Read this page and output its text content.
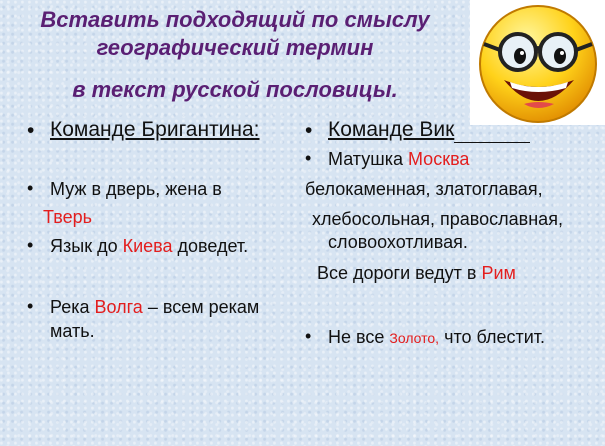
Вставить подходящий по смыслу
географический термин
в текст русской пословицы.
• Команде Бригантина:
• Муж в дверь, жена в
Тверь
• Язык до Киева доведет.
• Река Волга – всем рекам
мать.
• Команде Вик
• Матушка Москва
белокаменная, златоглавая,
хлебосольная, православная,
словоохотливая.
Все дороги ведут в Рим
• Не все Золото, что блестит.
